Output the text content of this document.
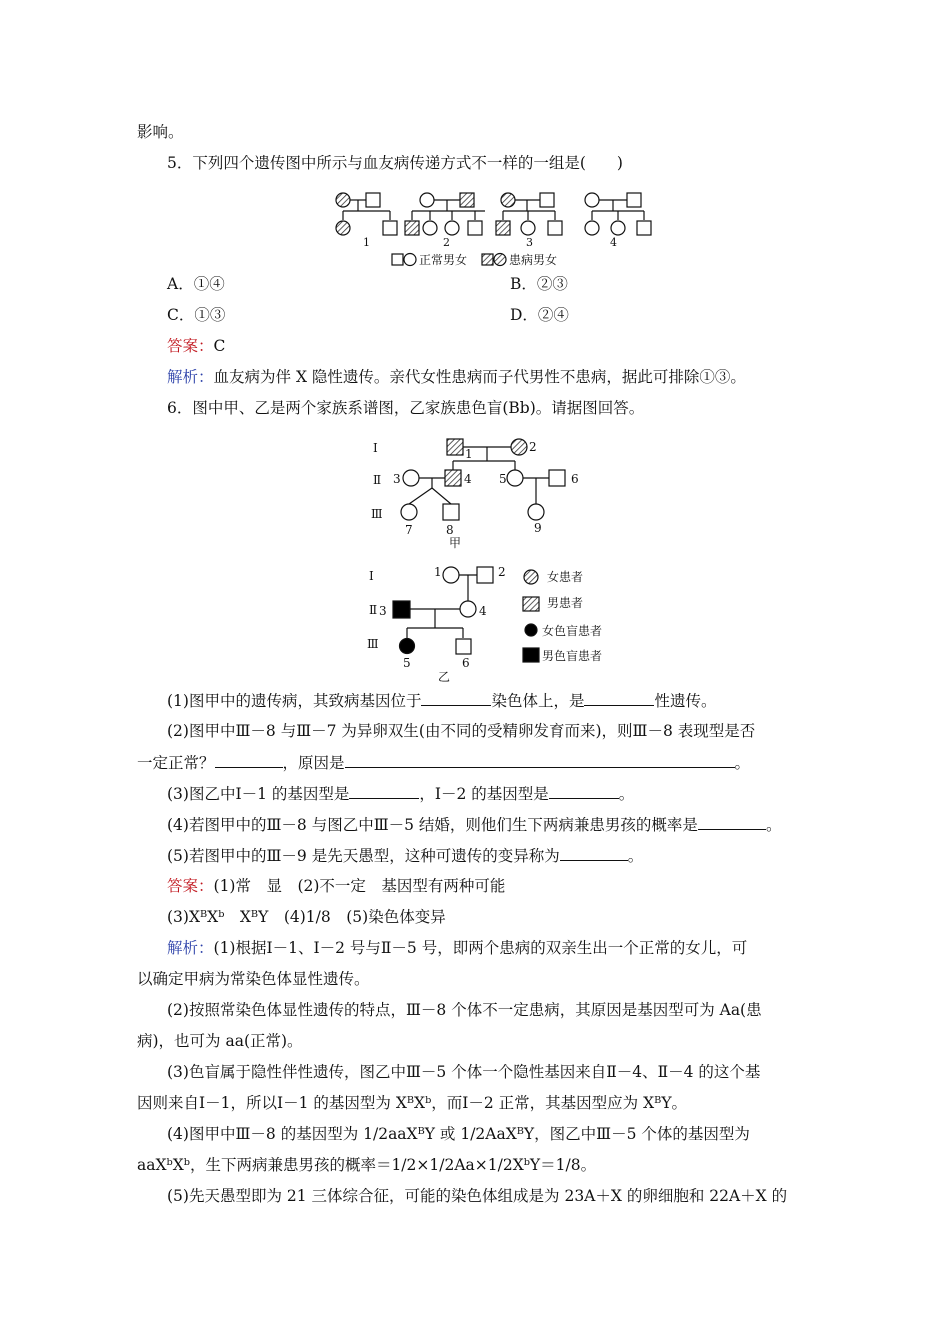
影响。
5．下列四个遗传图中所示与血友病传递方式不一样的一组是(　　)
1	2	3	4
正常男女	患病男女
A．①④	B．②③
C．①③	D．②④
答案：C
解析：血友病为伴 X 隐性遗传。亲代女性患病而子代男性不患病，据此可排除①③。
6．图中甲、乙是两个家族系谱图，乙家族患色盲(Bb)。请据图回答。
Ⅰ
Ⅱ
Ⅲ
1	2
3	4 5	6
7	8	9
甲
Ⅰ
Ⅱ
Ⅲ
1	2
3	4
5	6
乙
女患者
男患者
女色盲患者
男色盲患者
(1)图甲中的遗传病，其致病基因位于	染色体上，是	性遗传。
(2)图甲中Ⅲ－8 与Ⅲ－7 为异卵双生(由不同的受精卵发育而来)，则Ⅲ－8 表现型是否
一定正常？	，原因是	。
(3)图乙中Ⅰ－1 的基因型是	，Ⅰ－2 的基因型是	。
(4)若图甲中的Ⅲ－8 与图乙中Ⅲ－5 结婚，则他们生下两病兼患男孩的概率是	。
(5)若图甲中的Ⅲ－9 是先天愚型，这种可遗传的变异称为	。
答案：(1)常　显　(2)不一定　基因型有两种可能
(3)XᴮXᵇ　XᴮY　(4)1/8　(5)染色体变异
解析：(1)根据Ⅰ－1、Ⅰ－2 号与Ⅱ－5 号，即两个患病的双亲生出一个正常的女儿，可
以确定甲病为常染色体显性遗传。
(2)按照常染色体显性遗传的特点，Ⅲ－8 个体不一定患病，其原因是基因型可为 Aa(患
病)，也可为 aa(正常)。
(3)色盲属于隐性伴性遗传，图乙中Ⅲ－5 个体一个隐性基因来自Ⅱ－4、Ⅱ－4 的这个基
因则来自Ⅰ－1，所以Ⅰ－1 的基因型为 XᴮXᵇ，而Ⅰ－2 正常，其基因型应为 XᴮY。
(4)图甲中Ⅲ－8 的基因型为 1/2aaXᴮY 或 1/2AaXᴮY，图乙中Ⅲ－5 个体的基因型为
aaXᵇXᵇ，生下两病兼患男孩的概率＝1/2×1/2Aa×1/2XᵇY＝1/8。
(5)先天愚型即为 21 三体综合征，可能的染色体组成是为 23A＋X 的卵细胞和 22A＋X 的
